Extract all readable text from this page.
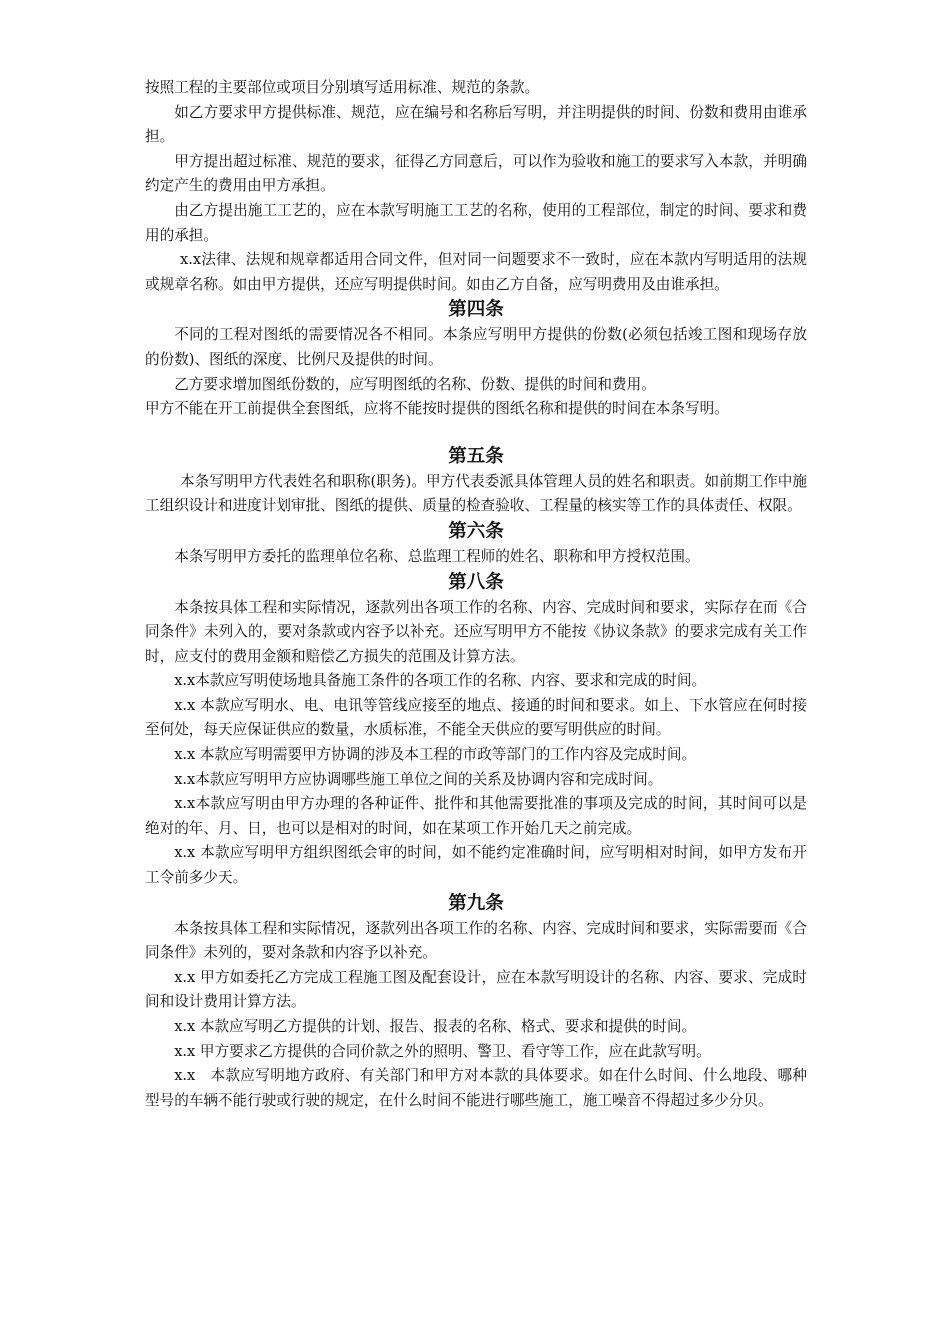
按照工程的主要部位或项目分别填写适用标准、规范的条款。

如乙方要求甲方提供标准、规范，应在编号和名称后写明，并注明提供的时间、份数和费用由谁承担。

甲方提出超过标准、规范的要求，征得乙方同意后，可以作为验收和施工的要求写入本款，并明确约定产生的费用由甲方承担。

由乙方提出施工工艺的，应在本款写明施工工艺的名称，使用的工程部位，制定的时间、要求和费用的承担。

x.x法律、法规和规章都适用合同文件，但对同一问题要求不一致时，应在本款内写明适用的法规或规章名称。如由甲方提供，还应写明提供时间。如由乙方自备，应写明费用及由谁承担。

第四条

不同的工程对图纸的需要情况各不相同。本条应写明甲方提供的份数(必须包括竣工图和现场存放的份数)、图纸的深度、比例尺及提供的时间。

乙方要求增加图纸份数的，应写明图纸的名称、份数、提供的时间和费用。

甲方不能在开工前提供全套图纸，应将不能按时提供的图纸名称和提供的时间在本条写明。

第五条

本条写明甲方代表姓名和职称(职务)。甲方代表委派具体管理人员的姓名和职责。如前期工作中施工组织设计和进度计划审批、图纸的提供、质量的检查验收、工程量的核实等工作的具体责任、权限。

第六条

本条写明甲方委托的监理单位名称、总监理工程师的姓名、职称和甲方授权范围。

第八条

本条按具体工程和实际情况，逐款列出各项工作的名称、内容、完成时间和要求，实际存在而《合同条件》未列入的，要对条款或内容予以补充。还应写明甲方不能按《协议条款》的要求完成有关工作时，应支付的费用金额和赔偿乙方损失的范围及计算方法。

x.x本款应写明使场地具备施工条件的各项工作的名称、内容、要求和完成的时间。

x.x 本款应写明水、电、电讯等管线应接至的地点、接通的时间和要求。如上、下水管应在何时接至何处，每天应保证供应的数量，水质标准，不能全天供应的要写明供应的时间。

x.x 本款应写明需要甲方协调的涉及本工程的市政等部门的工作内容及完成时间。

x.x本款应写明甲方应协调哪些施工单位之间的关系及协调内容和完成时间。

x.x本款应写明由甲方办理的各种证件、批件和其他需要批准的事项及完成的时间，其时间可以是绝对的年、月、日，也可以是相对的时间，如在某项工作开始几天之前完成。

x.x 本款应写明甲方组织图纸会审的时间，如不能约定准确时间，应写明相对时间，如甲方发布开工令前多少天。

第九条

本条按具体工程和实际情况，逐款列出各项工作的名称、内容、完成时间和要求，实际需要而《合同条件》未列的，要对条款和内容予以补充。

x.x 甲方如委托乙方完成工程施工图及配套设计，应在本款写明设计的名称、内容、要求、完成时间和设计费用计算方法。

x.x 本款应写明乙方提供的计划、报告、报表的名称、格式、要求和提供的时间。

x.x 甲方要求乙方提供的合同价款之外的照明、警卫、看守等工作，应在此款写明。

x.x　本款应写明地方政府、有关部门和甲方对本款的具体要求。如在什么时间、什么地段、哪种型号的车辆不能行驶或行驶的规定，在什么时间不能进行哪些施工，施工噪音不得超过多少分贝。
